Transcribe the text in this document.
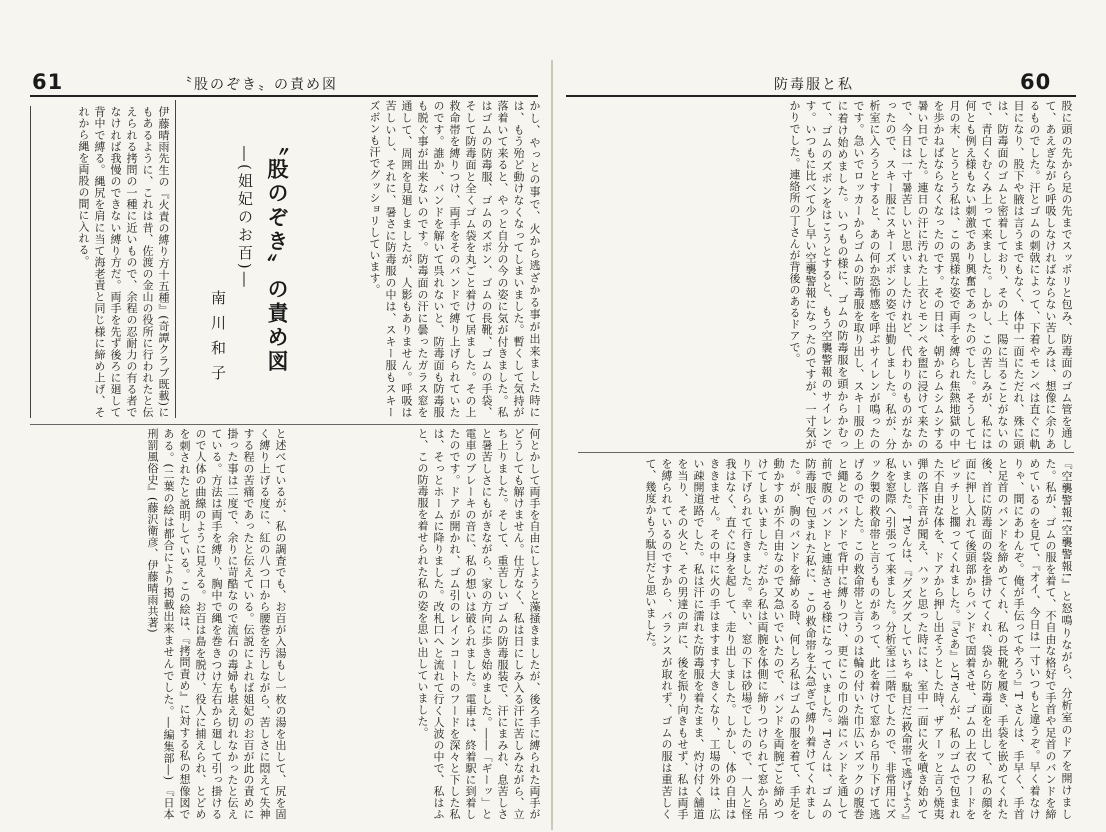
61	60
〝股のぞき〟の責め図	防毒服と私
股に頭の先から足の先までスッポリと包み、防毒面のゴム管を通して、あえぎながら呼吸しなければならない苦しみは、想像に余りあるものでした。汗とゴムの刺戟によって、下着やモンペは直ぐに軌目になり、股下や腋は言うまでもなく、体中一面にただれ、殊に頭は、防毒面のゴムと密着しており、その上、陽に当ることがないので、青白くむくみ上って来ました。しかし、この苦しみが、私には何とも例え様もない刺激であり興奮であったのでした。そうして七月の末、とうとう私は、この異様な姿で両手を縛られ焦熱地獄の中を歩かねばならなくなったのです。その日は、朝からムシムシする暑い日でした。連日の汗に汚れた上衣とモンペを盥に浸けて来たので、今日は一寸暑苦しいと思いましたけれど、代わりのものがなかったので、スキー服にスキーズボンの姿で出勤しました。私が、分析室に入ろうとすると、あの何か恐怖感を呼ぶサイレンが鳴ったのです。急いでロッカーからゴムの防毒服を取り出し、スキー服の上に着け始めました。いつもの様に、ゴムの防毒服を頭からかむって、ゴムのズボンをはこうとすると、もう空襲警報のサイレンです。いつもに比べて少し早い空襲警報になったのですが、一寸気がかりでした。連絡所の丁さんが背後のあるドアで。
『空襲警報!空襲警報!』と怒鳴りながら、分析室のドアを開けました。私が、ゴムの服を着て、不自由な格好で手首や足首のバンドを締めているのを見て、『オイ、今日は一寸いつもと違うぞ。早く着なけりゃ、間にあわんぞ。俺が手伝ってやろう』T さんは、手早く、手首と足首のバンドを締めてくれ、私の長靴を履き、手袋を嵌めてくれた後、首に防毒面の袋を掛けてくれ、袋から防毒面を出して、私の顔を面に押し入れて後頭部からバンドで固着させ、ゴムの上衣のフードをピッチリと擱ってくれました。『さあ』とTさんが、私のゴムで包まれた不自由な体を、ドアから押し出そうとした時、ザアーッと言う焼夷弾の落下音が聞え、ハッと思った時には、室中一面に火を噴き始めていました。Tさんは、『グズグズしていちゃ駄目だ!救命帯で逃げよう』私を窓際へ引張って来ました。分析室は二階でしたので、非常用にズック製の救命帯と言うものがあって、此を着けて窓から吊り下げて逃げるのでした。この救命帯と言うのは輪の付いた巾広いズックの腹巻と繩とのバンドで背中に縛りつけ、更にこの巾の端にバンドを通して前で腹のバンドと連結させる様になっていました。Tさんは、ゴムの防毒服で包まれた私に、この救命帯を大急ぎで縛り着けてくれました。が、胸のバンドを締める時、何しろ私はゴムの服を着て、手足を動かすのが不自由なので又急いでいたので、バンドを両腕ごと締めつけてしまいました。だから私は両腕を体側に締りつけられて窓から吊り下げられて行きました。幸い、窓の下は砂場でしたので、一人と怪我はなく、直ぐに身を起して、走り出しました。しかし、体の自由はききません。その中に火の手はますます大きくなり、工場の外は、広い疎開道路でした。私は汗に濡れた防毒服を着たまま、灼け付く舗道を当り、その火と、その男達の声に、後を振り向きもせず、私は両手を縛られているのですから、バランスが取れず、ゴムの服は重苦しくて、幾度かもう駄目だと思いました。
かし、やっとの事で、火から逃ざかる事が出来ました時には、もう殆ど動けなくなってしまいました。暫くして気持が落着いて来ると、やっと自分の今の姿に気が付きました。私はゴムの防毒服、ゴムのズボン、ゴムの長靴、ゴムの手袋、そして防毒面と全くゴム袋を丸ごと着けて居ました。その上救命帯を縛りつけ、両手をそのバンドで縛り上げられていたのです。誰か、バンドを解いて呉れないと、防毒面も防毒服も脱ぐ事が出来ないのです。防毒面の汗に曇ったガラス窓を通して、周囲を見廻しましたが、人影もありません。呼吸は苦しいし、それに、暑さに防毒服の中は、スキー服もスキーズボンも汗でグッショリしています。
何とかして両手を自由にしようと藻掻きましたが、後ろ手に縛られた両手がどうしても解けません。仕方なく、私は日にしみ入る汗に苦しみながら、立ち上りました。そして、重苦しいゴムの防毒服装で、汗にまみれ、息苦しさと暑苦しさにもがきながら、家の方向に歩き始めました。――「ギーッ」と電車のブレーキの音に、私の想いは破られました。電車は、終着駅に到着したのです。ドアが開かれ、ゴム引のレインコートのフードを深々と下した私は、そっとホームに降りました。改札口へと流れて行く人波の中で、私はふと、この防毒服を着せられた私の姿を思い出していました。
〝股のぞき〟の責め図
―(姐妃のお百)―
南川和子
伊藤晴雨先生の『火責の縛り方十五種』(奇譚クラブ既載)にもあるように、これは昔、佐渡の金山の役所に行われたと伝えられる拷問の一種に近いもので、余程の忍耐力の有る者でなければ我慢のできない縛り方だ。両手を先ず後ろに廻して背中で縛る。縄尻を肩に当て海老責と同じ様に締め上げ、それから縄を両股の間に入れる。
と述べているが、私の調査でも、お百が入湯もし一枚の湯を出して、尻を固く縛り上げる度に、紅の八つ口から腰巻を汚しながら、苦しさに悶えて失神する程の苦痛であったと伝えている。伝説によれば姐妃のお百が此の責めに掛った事は二度で、余りに苛酷なので流石の毒婦も堪え切れなかったと伝えている。方法は両手を縛り、胸中で縄を巻きつけ左右から廻して引っ掛けるので人体の曲線のように見える。お百は島を脱け、役人に捕えられ、とどめを刺されたと説明している。この絵は、『拷問責め』に対する私の想像図である。(二葉の絵は都合により掲載出来ませんでした。―編集部―) 『日本刑罰風俗史』(藤沢衛彦、伊藤晴雨共著)
